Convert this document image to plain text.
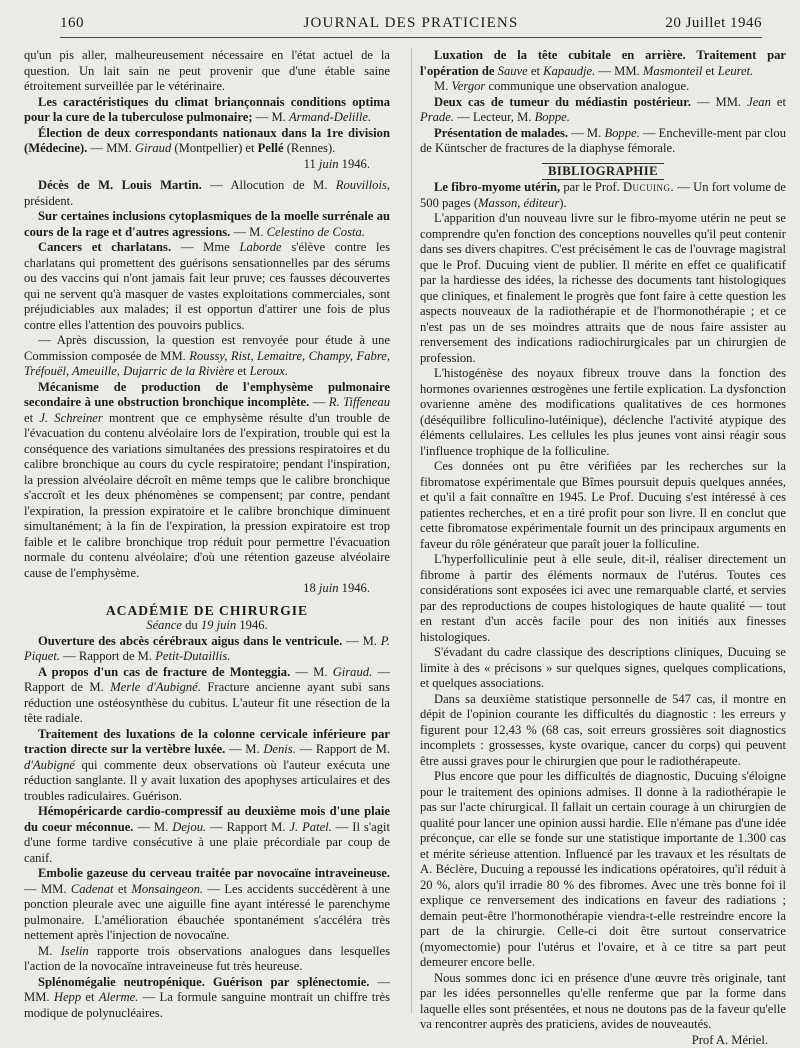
160	JOURNAL DES PRATICIENS	20 Juillet 1946

qu'un pis aller, malheureusement nécessaire en l'état actuel de la question. Un lait sain ne peut provenir que d'une étable saine étroitement surveillée par le vétérinaire.

Les caractéristiques du climat briançonnais conditions optima pour la cure de la tuberculose pulmonaire; — M. Armand-Delille.

Élection de deux correspondants nationaux dans la 1re division (Médecine). — MM. Giraud (Montpellier) et Pellé (Rennes).

11 juin 1946.

Décès de M. Louis Martin. — Allocution de M. Rouvillois, président.

Sur certaines inclusions cytoplasmiques de la moelle surrénale au cours de la rage et d'autres agressions. — M. Celestino de Costa.

Cancers et charlatans. — Mme Laborde s'élève contre les charlatans qui promettent des guérisons sensationnelles par des sérums ou des vaccins qui n'ont jamais fait leur pruve; ces fausses découvertes qui ne servent qu'à masquer de vastes exploitations commerciales, sont préjudiciables aux malades; il est opportun d'attirer une fois de plus contre elles l'attention des pouvoirs publics.

— Après discussion, la question est renvoyée pour étude à une Commission composée de MM. Roussy, Rist, Lemaitre, Champy, Fabre, Tréfouël, Ameuille, Dujarric de la Rivière et Leroux.

Mécanisme de production de l'emphysème pulmonaire secondaire à une obstruction bronchique incomplète. — R. Tiffeneau et J. Schreiner montrent que ce emphysème résulte d'un trouble de l'évacuation du contenu alvéolaire lors de l'expiration, trouble qui est la conséquence des variations simultanées des pressions respiratoires et du calibre bronchique au cours du cycle respiratoire; pendant l'inspiration, la pression alvéolaire décroît en même temps que le calibre bronchique s'accroît et les deux phénomènes se compensent; par contre, pendant l'expiration, la pression expiratoire et le calibre bronchique diminuent simultanément; à la fin de l'expiration, la pression expiratoire est trop faible et le calibre bronchique trop réduit pour permettre l'évacuation normale du contenu alvéolaire; d'où une rétention gazeuse alvéolaire cause de l'emphysème.

18 juin 1946.

ACADÉMIE DE CHIRURGIE

Séance du 19 juin 1946.

Ouverture des abcès cérébraux aigus dans le ventricule. — M. P. Piquet. — Rapport de M. Petit-Dutaillis.

A propos d'un cas de fracture de Monteggia. — M. Giraud. — Rapport de M. Merle d'Aubigné. Fracture ancienne ayant subi sans réduction une ostéosynthèse du cubitus. L'auteur fit une résection de la tête radiale.

Traitement des luxations de la colonne cervicale inférieure par traction directe sur la vertèbre luxée. — M. Denis. — Rapport de M. d'Aubigné qui commente deux observations où l'auteur exécuta une réduction sanglante. Il y avait luxation des apophyses articulaires et des troubles radiculaires. Guérison.

Hémopéricarde cardio-compressif au deuxième mois d'une plaie du coeur méconnue. — M. Dejou. — Rapport M. J. Patel. — Il s'agit d'une forme tardive consécutive à une plaie précordiale par coup de canif.

Embolie gazeuse du cerveau traitée par novocaïne intraveineuse. — MM. Cadenat et Monsaingeon. — Les accidents succédèrent à une ponction pleurale avec une aiguille fine ayant intéressé le parenchyme pulmonaire. L'amélioration ébauchée spontanément s'accéléra très nettement après l'injection de novocaïne.

M. Iselin rapporte trois observations analogues dans lesquelles l'action de la novocaïne intraveineuse fut très heureuse.

Splénomégalie neutropénique. Guérison par splénectomie. — MM. Hepp et Alerme. — La formule sanguine montrait un chiffre très modique de polynucléaires.

Luxation de la tête cubitale en arrière. Traitement par l'opération de Sauve et Kapaudje. — MM. Masmonteil et Leuret.

M. Vergor communique une observation analogue.

Deux cas de tumeur du médiastin postérieur. — MM. Jean et Prade. — Lecteur, M. Boppe.

Présentation de malades. — M. Boppe. — Encheville-ment par clou de Küntscher de fractures de la diaphyse fémorale.

BIBLIOGRAPHIE

Le fibro-myome utérin, par le Prof. Ducuing. — Un fort volume de 500 pages (Masson, éditeur).

L'apparition d'un nouveau livre sur le fibro-myome utérin ne peut se comprendre qu'en fonction des conceptions nouvelles qu'il peut contenir dans ses divers chapitres. C'est précisément le cas de l'ouvrage magistral que le Prof. Ducuing vient de publier. Il mérite en effet ce qualificatif par la hardiesse des idées, la richesse des documents tant histologiques que cliniques, et finalement le progrès que font faire à cette question les aspects nouveaux de la radiothérapie et de l'hormonothérapie ; et ce n'est pas un de ses moindres attraits que de nous faire assister au renversement des indications radiochirurgicales par un chirurgien de profession.

L'histogénèse des noyaux fibreux trouve dans la fonction des hormones ovariennes œstrogènes une fertile explication. La dysfonction ovarienne amène des modifications qualitatives de ces hormones (déséquilibre folliculino-lutéinique), déclenche l'activité atypique des éléments cellulaires. Les cellules les plus jeunes vont ainsi réagir sous l'influence trophique de la folliculine.

Ces données ont pu être vérifiées par les recherches sur la fibromatose expérimentale que Bîmes poursuit depuis quelques années, et qu'il a fait connaître en 1945. Le Prof. Ducuing s'est intéressé à ces patientes recherches, et en a tiré profit pour son livre. Il en conclut que cette fibromatose expérimentale fournit un des principaux arguments en faveur du rôle générateur que paraît jouer la folliculine.

L'hyperfolliculinie peut à elle seule, dit-il, réaliser directement un fibrome à partir des éléments normaux de l'utérus. Toutes ces considérations sont exposées ici avec une remarquable clarté, et servies par des reproductions de coupes histologiques de haute qualité — tout en restant d'un accès facile pour des non initiés aux finesses histologiques.

S'évadant du cadre classique des descriptions cliniques, Ducuing se limite à des « précisons » sur quelques signes, quelques complications, et quelques associations.

Dans sa deuxième statistique personnelle de 547 cas, il montre en dépit de l'opinion courante les difficultés du diagnostic : les erreurs y figurent pour 12,43 % (68 cas, soit erreurs grossières soit diagnostics incomplets : grossesses, kyste ovarique, cancer du corps) qui peuvent être aussi graves pour le chirurgien que pour le radiothérapeute.

Plus encore que pour les difficultés de diagnostic, Ducuing s'éloigne pour le traitement des opinions admises. Il donne à la radiothérapie le pas sur l'acte chirurgical. Il fallait un certain courage à un chirurgien de qualité pour lancer une opinion aussi hardie. Elle n'émane pas d'une idée préconçue, car elle se fonde sur une statistique importante de 1.300 cas et mérite sérieuse attention. Influencé par les travaux et les résultats de A. Béclère, Ducuing a repoussé les indications opératoires, qu'il réduit à 20 %, alors qu'il irradie 80 % des fibromes. Avec une très bonne foi il explique ce renversement des indications en faveur des radiations ; demain peut-être l'hormonothérapie viendra-t-elle restreindre encore la part de la chirurgie. Celle-ci doit être surtout conservatrice (myomectomie) pour l'utérus et l'ovaire, et à ce titre sa part peut demeurer encore belle.

Nous sommes donc ici en présence d'une œuvre très originale, tant par les idées personnelles qu'elle renferme que par la forme dans laquelle elles sont présentées, et nous ne doutons pas de la faveur qu'elle va rencontrer auprès des praticiens, avides de nouveautés.

Prof A. Mériel.
